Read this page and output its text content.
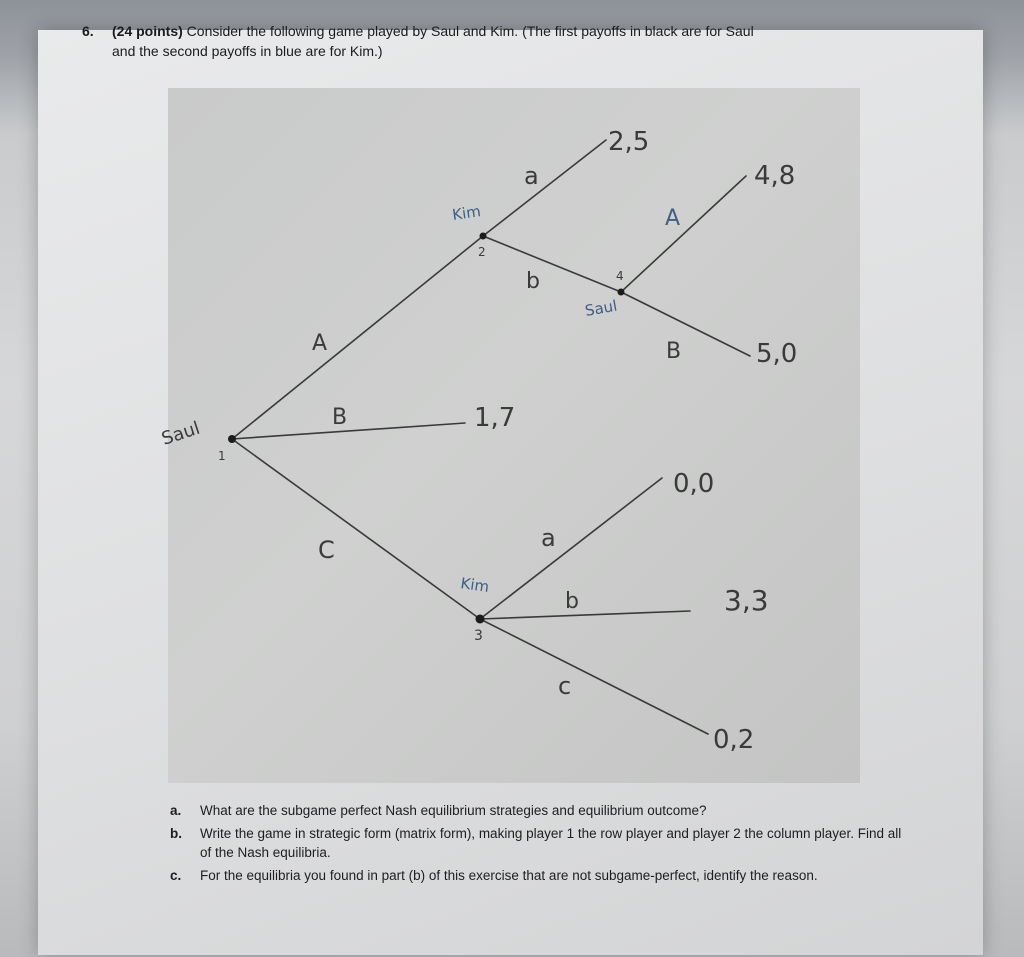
6. (24 points) Consider the following game played by Saul and Kim. (The first payoffs in black are for Saul
and the second payoffs in blue are for Kim.)
Saul
1
Kim
2
4
Saul
Kim
3
A
B
C
a
b
A
B
a
b
c
2,5
4,8
5,0
1,7
0,0
3,3
0,2
a. What are the subgame perfect Nash equilibrium strategies and equilibrium outcome?
b. Write the game in strategic form (matrix form), making player 1 the row player and player 2 the column player. Find all of the Nash equilibria.
c. For the equilibria you found in part (b) of this exercise that are not subgame-perfect, identify the reason.
